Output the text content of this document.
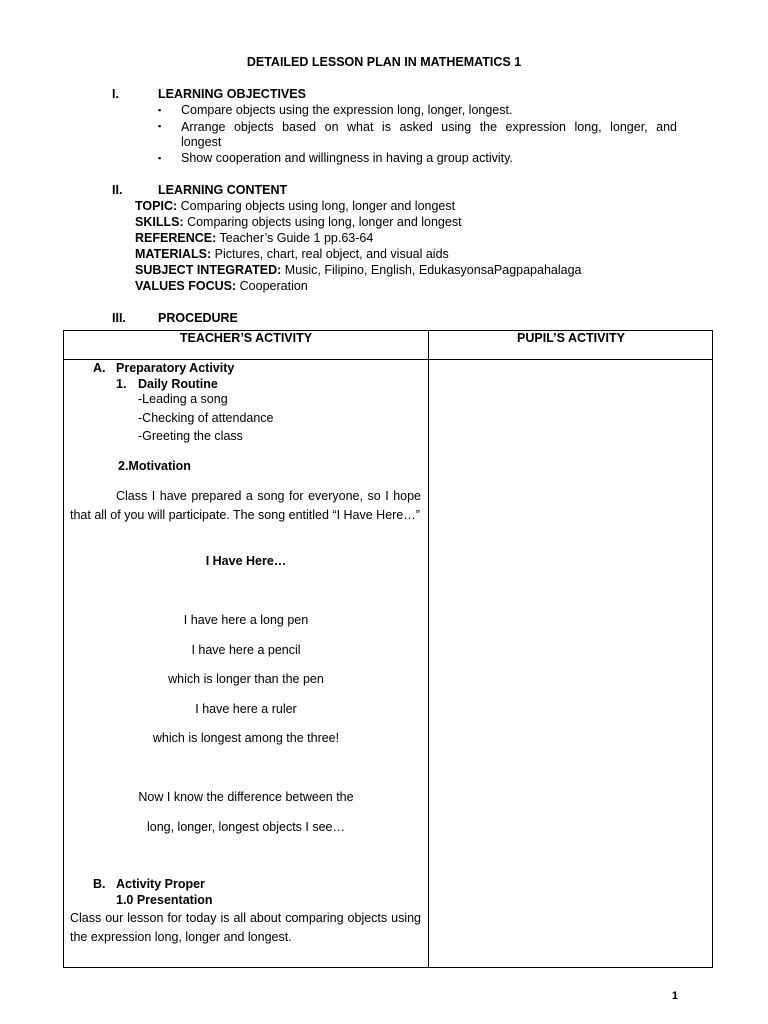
DETAILED LESSON PLAN IN MATHEMATICS 1
I.	LEARNING OBJECTIVES
▪ Compare objects using the expression long, longer, longest.
▪ Arrange objects based on what is asked using the expression long, longer, and
longest
▪ Show cooperation and willingness in having a group activity.
II.	LEARNING CONTENT
TOPIC: Comparing objects using long, longer and longest
SKILLS: Comparing objects using long, longer and longest
REFERENCE: Teacher’s Guide 1 pp.63-64
MATERIALS: Pictures, chart, real object, and visual aids
SUBJECT INTEGRATED: Music, Filipino, English, EdukasyonsaPagpapahalaga
VALUES FOCUS: Cooperation
III.	PROCEDURE
TEACHER’S ACTIVITY	PUPIL’S ACTIVITY
A. Preparatory Activity
1. Daily Routine
-Leading a song
-Checking of attendance
-Greeting the class
2.Motivation
Class I have prepared a song for everyone, so I hope that all of you will participate. The song entitled “I Have Here…”
I Have Here…
I have here a long pen
I have here a pencil
which is longer than the pen
I have here a ruler
which is longest among the three!
Now I know the difference between the
long, longer, longest objects I see…
B. Activity Proper
1.0 Presentation
Class our lesson for today is all about comparing objects using the expression long, longer and longest.
1
